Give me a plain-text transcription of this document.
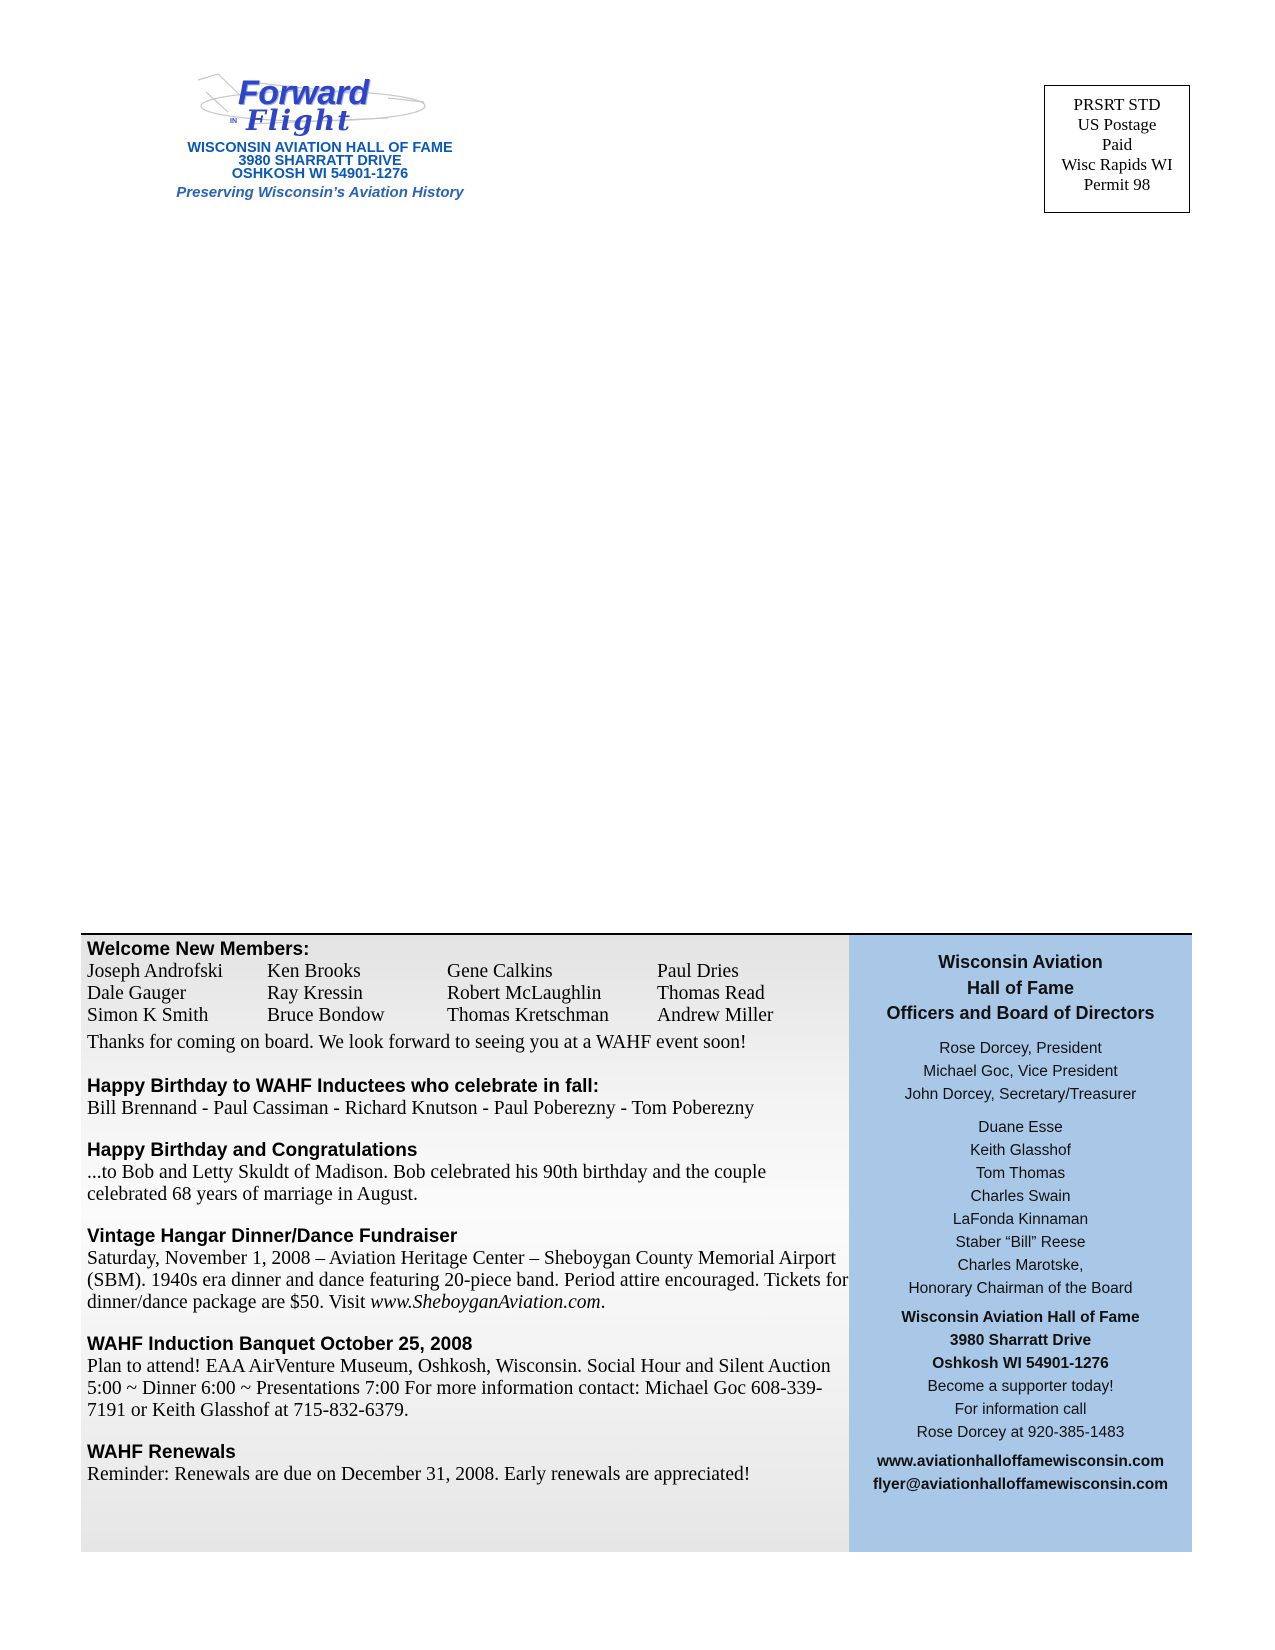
Forward
IN Flight
WISCONSIN AVIATION HALL OF FAME
3980 SHARRATT DRIVE
OSHKOSH WI 54901-1276
Preserving Wisconsin’s Aviation History
PRSRT STD
US Postage
Paid
Wisc Rapids WI
Permit 98
Welcome New Members:
Joseph Androfski	Ken Brooks	Gene Calkins	Paul Dries
Dale Gauger	Ray Kressin	Robert McLaughlin	Thomas Read
Simon K Smith	Bruce Bondow	Thomas Kretschman	Andrew Miller
Thanks for coming on board. We look forward to seeing you at a WAHF event soon!
Happy Birthday to WAHF Inductees who celebrate in fall:

Bill Brennand - Paul Cassiman - Richard Knutson - Paul Poberezny - Tom Poberezny

Happy Birthday and Congratulations

...to Bob and Letty Skuldt of Madison. Bob celebrated his 90th birthday and the couple celebrated 68 years of marriage in August.

Vintage Hangar Dinner/Dance Fundraiser

Saturday, November 1, 2008 – Aviation Heritage Center – Sheboygan County Memorial Airport (SBM). 1940s era dinner and dance featuring 20-piece band. Period attire encouraged. Tickets for dinner/dance package are $50. Visit www.SheboyganAviation.com.

WAHF Induction Banquet October 25, 2008

Plan to attend! EAA AirVenture Museum, Oshkosh, Wisconsin. Social Hour and Silent Auction 5:00 ~ Dinner 6:00 ~ Presentations 7:00 For more information contact: Michael Goc 608-339-7191 or Keith Glasshof at 715-832-6379.

WAHF Renewals

Reminder: Renewals are due on December 31, 2008. Early renewals are appreciated!

Wisconsin Aviation
Hall of Fame
Officers and Board of Directors
Rose Dorcey, President
Michael Goc, Vice President
John Dorcey, Secretary/Treasurer
Duane Esse
Keith Glasshof
Tom Thomas
Charles Swain
LaFonda Kinnaman
Staber “Bill” Reese
Charles Marotske,
Honorary Chairman of the Board
Wisconsin Aviation Hall of Fame
3980 Sharratt Drive
Oshkosh WI 54901-1276
Become a supporter today!
For information call
Rose Dorcey at 920-385-1483
www.aviationhalloffamewisconsin.com
flyer@aviationhalloffamewisconsin.com
